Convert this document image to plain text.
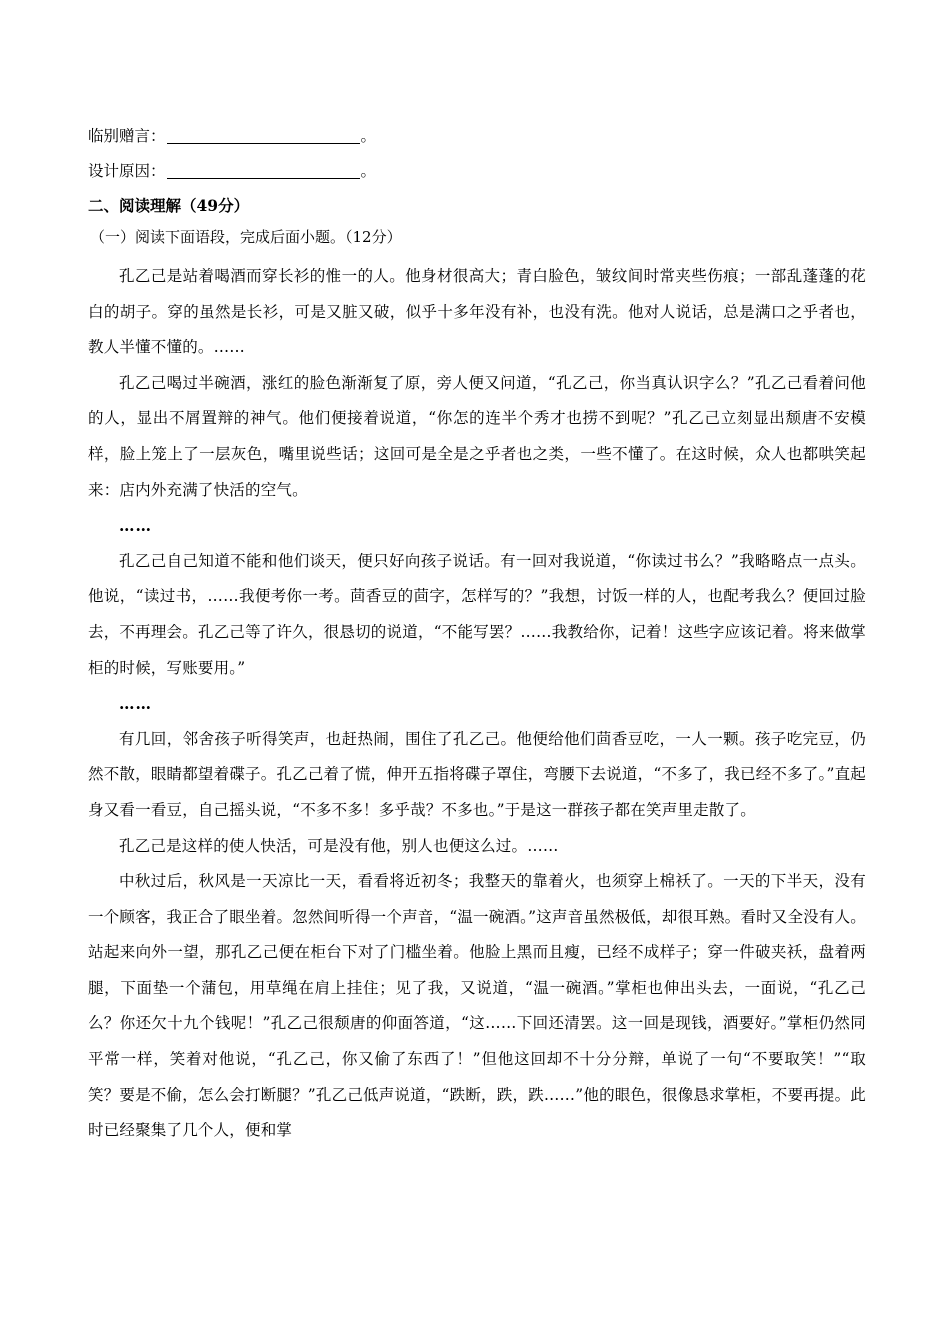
临别赠言：	。
设计原因：	。
二、阅读理解（49分）
（一）阅读下面语段，完成后面小题。（12分）

孔乙己是站着喝酒而穿长衫的惟一的人。他身材很高大；青白脸色，皱纹间时常夹些伤痕；一部乱蓬蓬的花白的胡子。穿的虽然是长衫，可是又脏又破，似乎十多年没有补，也没有洗。他对人说话，总是满口之乎者也，教人半懂不懂的。……

孔乙己喝过半碗酒，涨红的脸色渐渐复了原，旁人便又问道，“孔乙己，你当真认识字么？”孔乙己看着问他的人，显出不屑置辩的神气。他们便接着说道，“你怎的连半个秀才也捞不到呢？”孔乙己立刻显出颓唐不安模样，脸上笼上了一层灰色，嘴里说些话；这回可是全是之乎者也之类，一些不懂了。在这时候，众人也都哄笑起来：店内外充满了快活的空气。

……

孔乙己自己知道不能和他们谈天，便只好向孩子说话。有一回对我说道，“你读过书么？”我略略点一点头。他说，“读过书，……我便考你一考。茴香豆的茴字，怎样写的？”我想，讨饭一样的人，也配考我么？便回过脸去，不再理会。孔乙己等了许久，很恳切的说道，“不能写罢？……我教给你，记着！这些字应该记着。将来做掌柜的时候，写账要用。”

……

有几回，邻舍孩子听得笑声，也赶热闹，围住了孔乙己。他便给他们茴香豆吃，一人一颗。孩子吃完豆，仍然不散，眼睛都望着碟子。孔乙己着了慌，伸开五指将碟子罩住，弯腰下去说道，“不多了，我已经不多了。”直起身又看一看豆，自己摇头说，“不多不多！多乎哉？不多也。”于是这一群孩子都在笑声里走散了。

孔乙己是这样的使人快活，可是没有他，别人也便这么过。……

中秋过后，秋风是一天凉比一天，看看将近初冬；我整天的靠着火，也须穿上棉袄了。一天的下半天，没有一个顾客，我正合了眼坐着。忽然间听得一个声音，“温一碗酒。”这声音虽然极低，却很耳熟。看时又全没有人。站起来向外一望，那孔乙己便在柜台下对了门槛坐着。他脸上黑而且瘦，已经不成样子；穿一件破夹袄，盘着两腿，下面垫一个蒲包，用草绳在肩上挂住；见了我，又说道，“温一碗酒。”掌柜也伸出头去，一面说，“孔乙己么？你还欠十九个钱呢！”孔乙己很颓唐的仰面答道，“这……下回还清罢。这一回是现钱，酒要好。”掌柜仍然同平常一样，笑着对他说，“孔乙己，你又偷了东西了！”但他这回却不十分分辩，单说了一句“不要取笑！”“取笑？要是不偷，怎么会打断腿？”孔乙己低声说道，“跌断，跌，跌……”他的眼色，很像恳求掌柜，不要再提。此时已经聚集了几个人，便和掌
